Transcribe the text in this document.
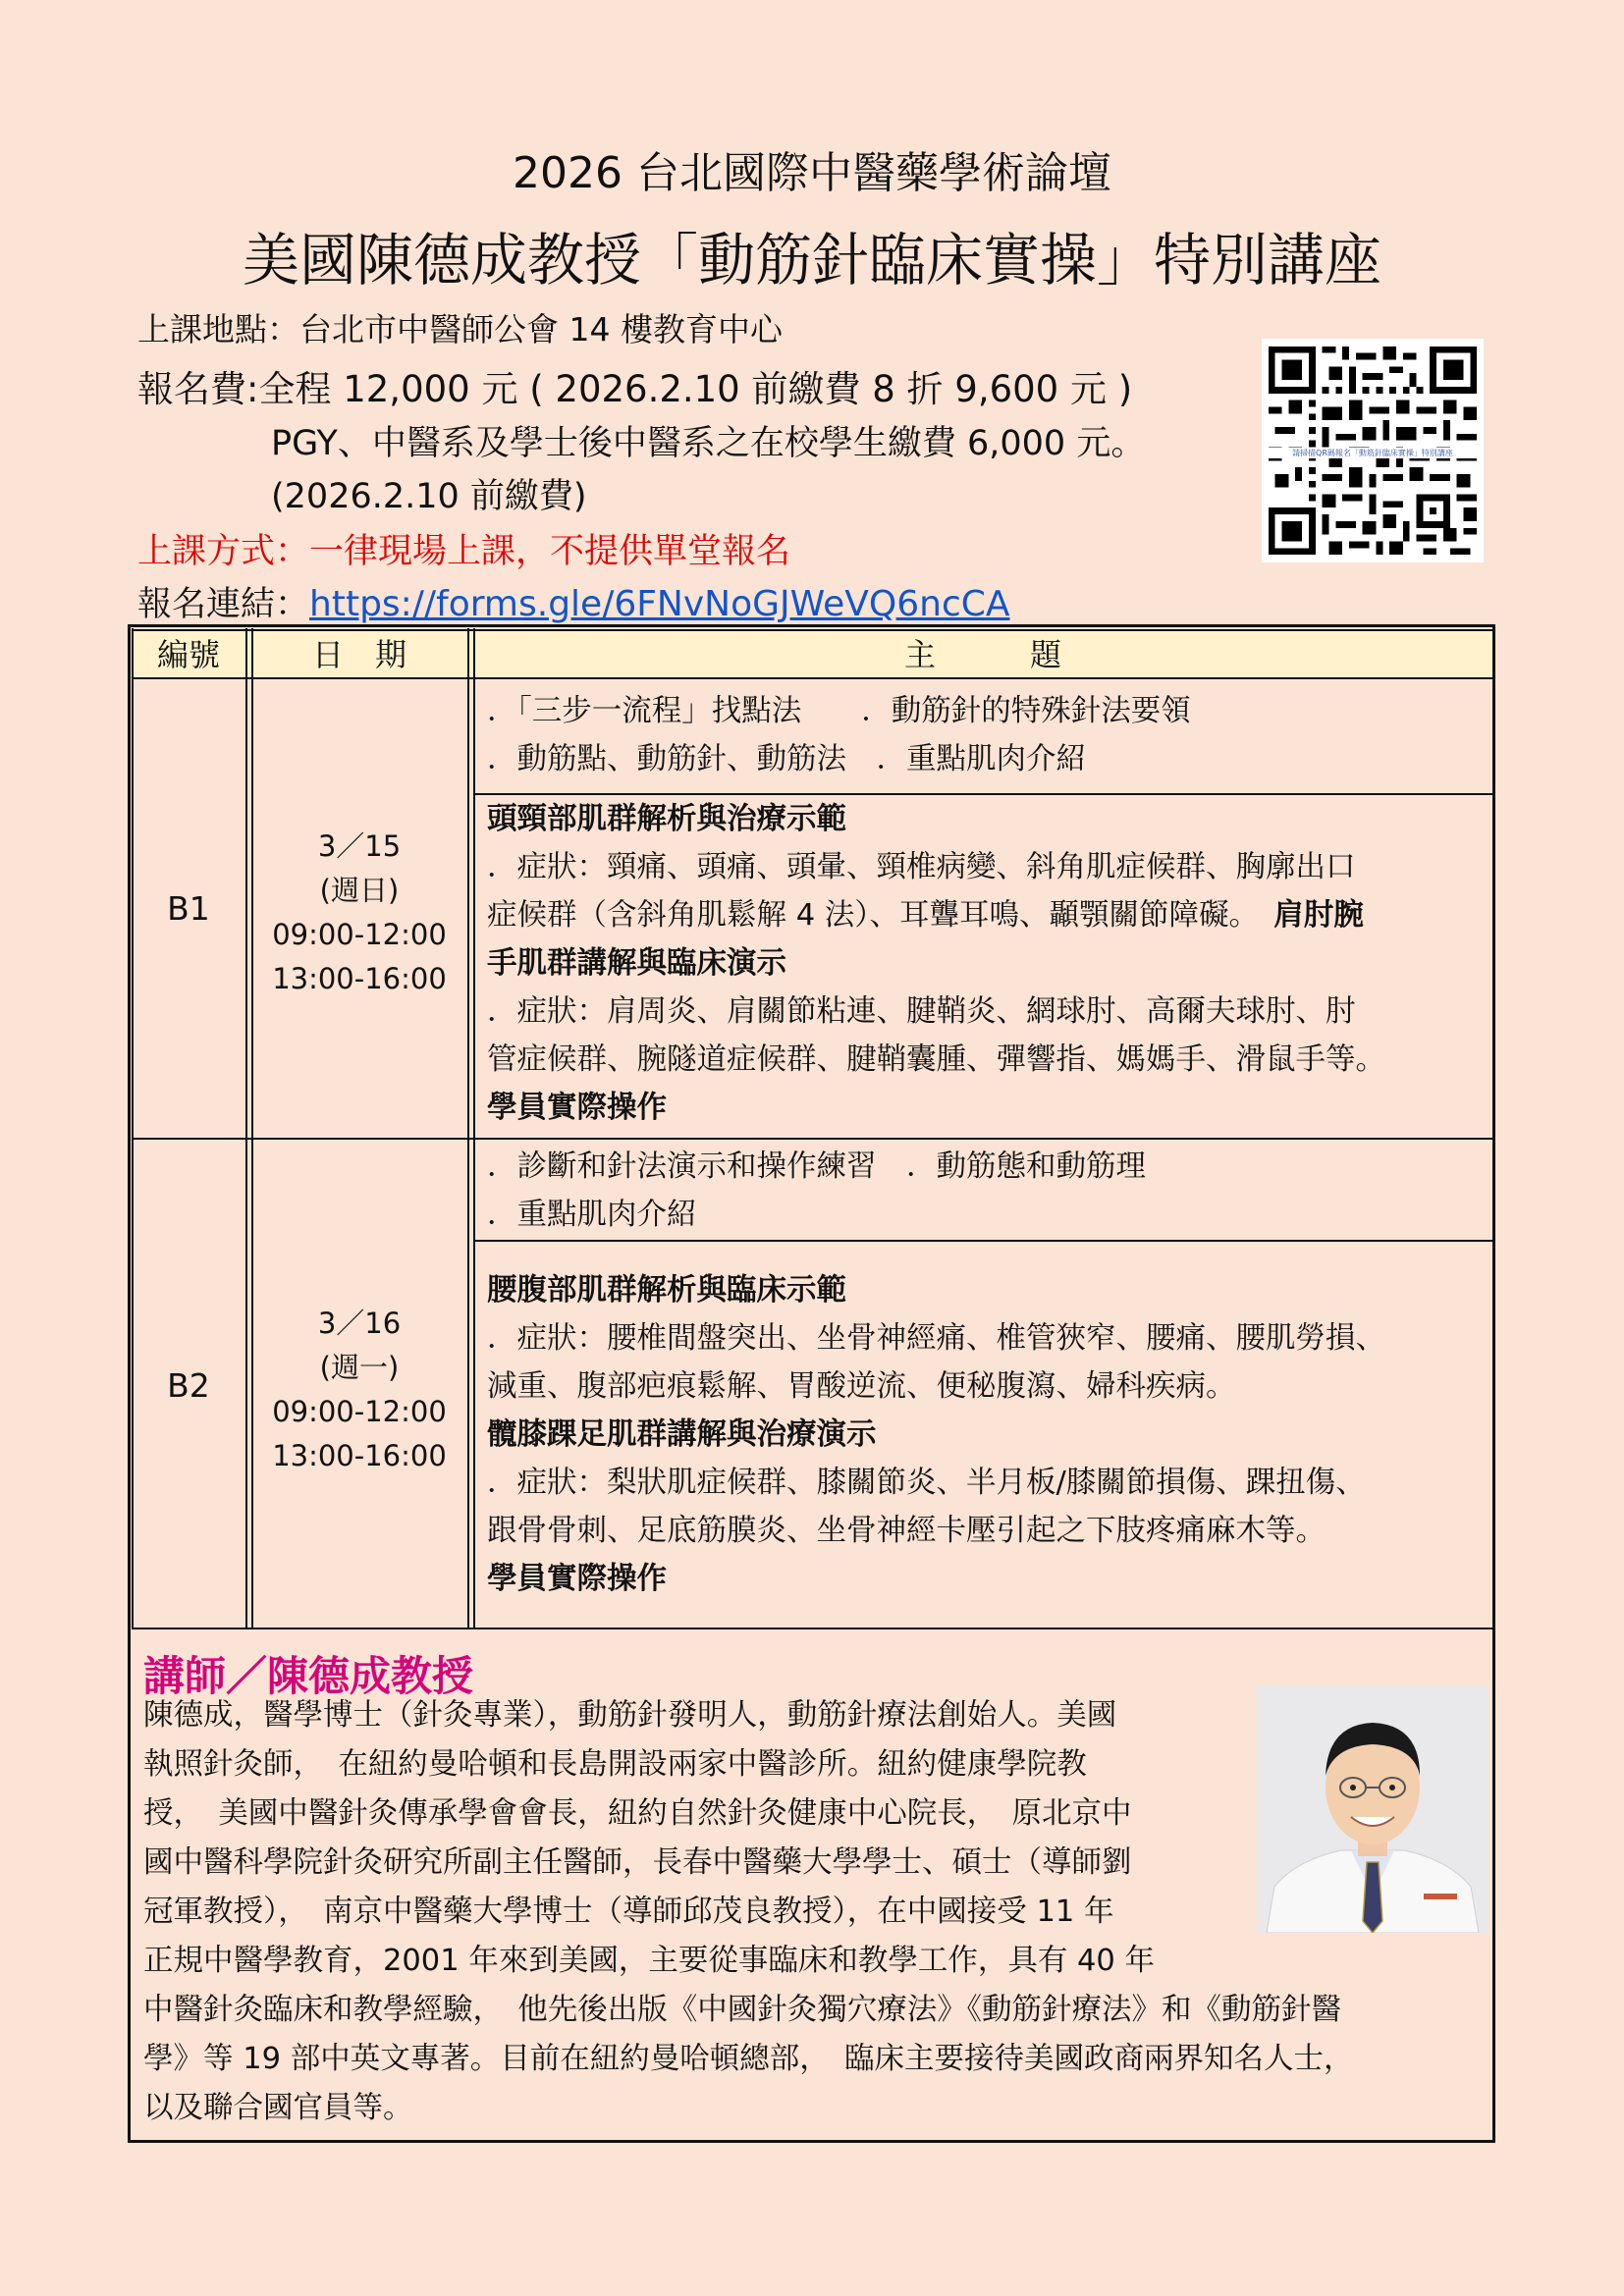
2026 台北國際中醫藥學術論壇
美國陳德成教授「動筋針臨床實操」特別講座
上課地點：台北市中醫師公會 14 樓教育中心
報名費:全程 12,000 元 ( 2026.2.10 前繳費 8 折 9,600 元 )
PGY、中醫系及學士後中醫系之在校學生繳費 6,000 元。
(2026.2.10 前繳費)
上課方式：一律現場上課，不提供單堂報名
報名連結：https://forms.gle/6FNvNoGJWeVQ6ncCA
請掃描QR碼報名「動筋針臨床實操」特別講座
編號	日　期	主　　　題
B1
3／15
(週日)
09:00-12:00
13:00-16:00
．「三步一流程」找點法　　．動筋針的特殊針法要領
．動筋點、動筋針、動筋法　．重點肌肉介紹
頭頸部肌群解析與治療示範
．症狀：頸痛、頭痛、頭暈、頸椎病變、斜角肌症候群、胸廓出口
症候群（含斜角肌鬆解 4 法）、耳聾耳鳴、顳顎關節障礙。　 肩肘腕
手肌群講解與臨床演示
．症狀：肩周炎、肩關節粘連、腱鞘炎、網球肘、高爾夫球肘、肘
管症候群、腕隧道症候群、腱鞘囊腫、彈響指、媽媽手、滑鼠手等。
學員實際操作
B2
3／16
(週一)
09:00-12:00
13:00-16:00
．診斷和針法演示和操作練習　．動筋態和動筋理
．重點肌肉介紹
腰腹部肌群解析與臨床示範
．症狀：腰椎間盤突出、坐骨神經痛、椎管狹窄、腰痛、腰肌勞損、
減重、腹部疤痕鬆解、胃酸逆流、便秘腹瀉、婦科疾病。
髖膝踝足肌群講解與治療演示
．症狀：梨狀肌症候群、膝關節炎、半月板/膝關節損傷、踝扭傷、
跟骨骨刺、足底筋膜炎、坐骨神經卡壓引起之下肢疼痛麻木等。
學員實際操作
講師／陳德成教授
陳德成，醫學博士（針灸專業），動筋針發明人，動筋針療法創始人。美國
執照針灸師，　在紐約曼哈頓和長島開設兩家中醫診所。紐約健康學院教
授，　美國中醫針灸傳承學會會長，紐約自然針灸健康中心院長，　原北京中
國中醫科學院針灸研究所副主任醫師，長春中醫藥大學學士、碩士（導師劉
冠軍教授），　南京中醫藥大學博士（導師邱茂良教授），在中國接受 11 年
正規中醫學教育，2001 年來到美國，主要從事臨床和教學工作，具有 40 年
中醫針灸臨床和教學經驗，　他先後出版《中國針灸獨穴療法》《動筋針療法》和《動筋針醫
學》等 19 部中英文專著。目前在紐約曼哈頓總部，　臨床主要接待美國政商兩界知名人士，
以及聯合國官員等。
